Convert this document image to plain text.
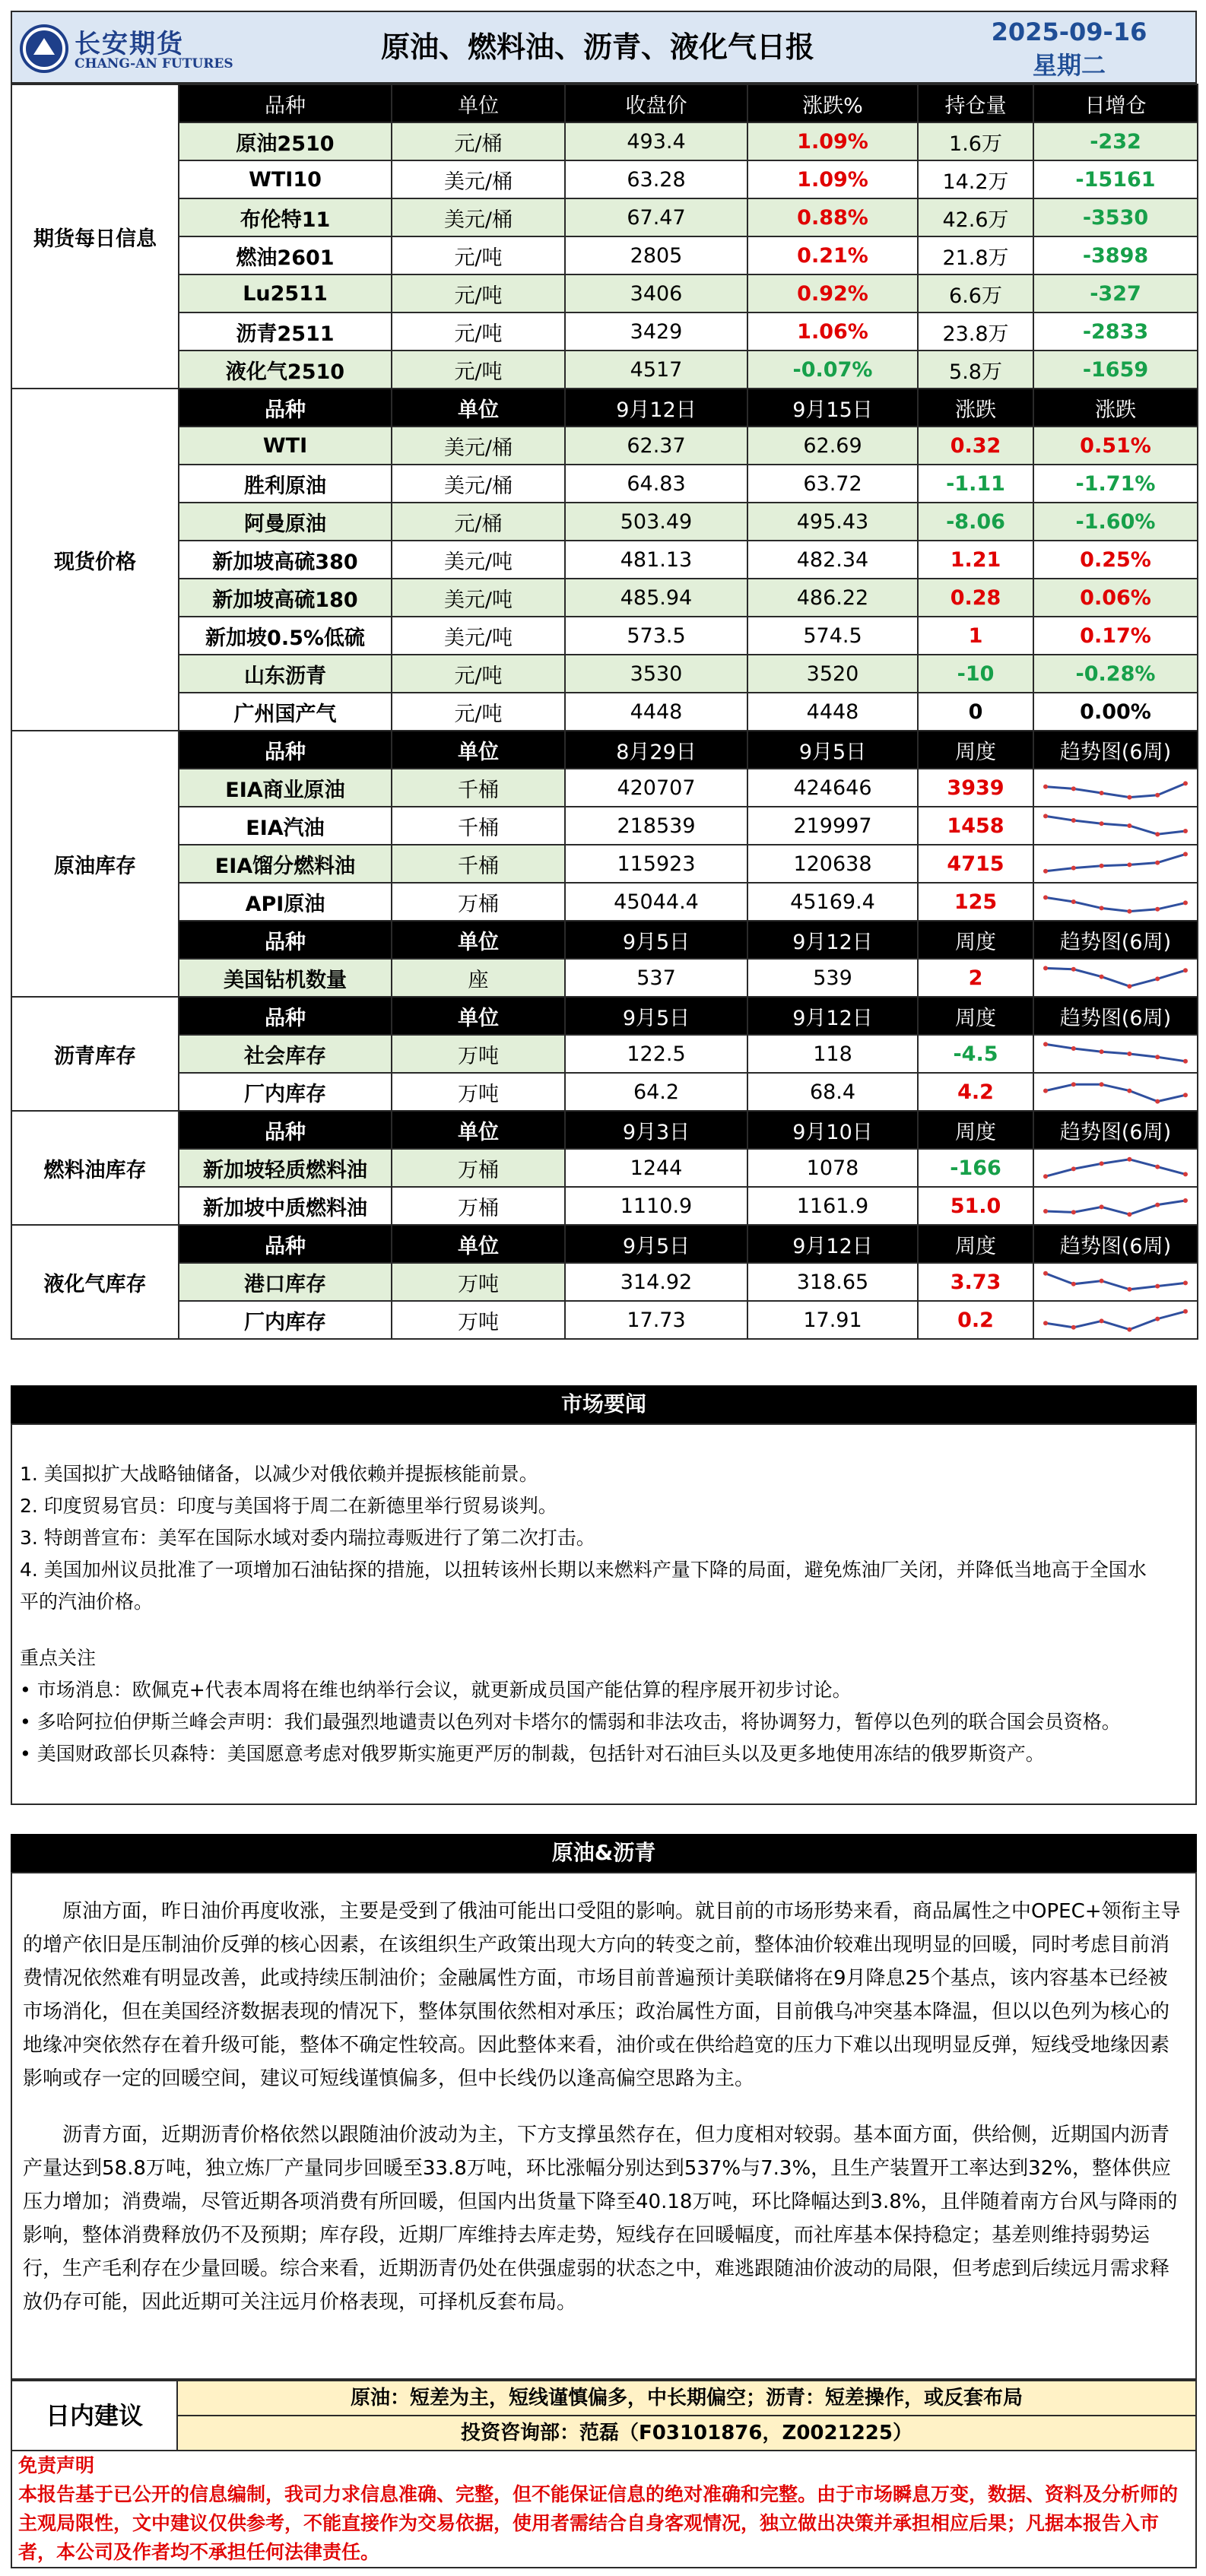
长安期货
CHANG-AN FUTURES	原油、燃料油、沥青、液化气日报	2025-09-16
星期二
期货每日信息	品种	单位	收盘价	涨跌%	持仓量	日增仓
	原油2510	元/桶	493.4	1.09%	1.6万	-232
	WTI10	美元/桶	63.28	1.09%	14.2万	-15161
	布伦特11	美元/桶	67.47	0.88%	42.6万	-3530
	燃油2601	元/吨	2805	0.21%	21.8万	-3898
	Lu2511	元/吨	3406	0.92%	6.6万	-327
	沥青2511	元/吨	3429	1.06%	23.8万	-2833
	液化气2510	元/吨	4517	-0.07%	5.8万	-1659
现货价格	品种	单位	9月12日	9月15日	涨跌	涨跌
	WTI	美元/桶	62.37	62.69	0.32	0.51%
	胜利原油	美元/桶	64.83	63.72	-1.11	-1.71%
	阿曼原油	元/桶	503.49	495.43	-8.06	-1.60%
	新加坡高硫380	美元/吨	481.13	482.34	1.21	0.25%
	新加坡高硫180	美元/吨	485.94	486.22	0.28	0.06%
	新加坡0.5%低硫	美元/吨	573.5	574.5	1	0.17%
	山东沥青	元/吨	3530	3520	-10	-0.28%
	广州国产气	元/吨	4448	4448	0	0.00%
原油库存	品种	单位	8月29日	9月5日	周度	趋势图(6周)
	EIA商业原油	千桶	420707	424646	3939	

	EIA汽油	千桶	218539	219997	1458	

	EIA馏分燃料油	千桶	115923	120638	4715	

	API原油	万桶	45044.4	45169.4	125	

	品种	单位	9月5日	9月12日	周度	趋势图(6周)
	美国钻机数量	座	537	539	2	

沥青库存	品种	单位	9月5日	9月12日	周度	趋势图(6周)
	社会库存	万吨	122.5	118	-4.5	

	厂内库存	万吨	64.2	68.4	4.2	

燃料油库存	品种	单位	9月3日	9月10日	周度	趋势图(6周)
	新加坡轻质燃料油	万桶	1244	1078	-166	

	新加坡中质燃料油	万桶	1110.9	1161.9	51.0	

液化气库存	品种	单位	9月5日	9月12日	周度	趋势图(6周)
	港口库存	万吨	314.92	318.65	3.73	

	厂内库存	万吨	17.73	17.91	0.2	
市场要闻

1. 美国拟扩大战略铀储备，以减少对俄依赖并提振核能前景。

2. 印度贸易官员：印度与美国将于周二在新德里举行贸易谈判。

3. 特朗普宣布：美军在国际水域对委内瑞拉毒贩进行了第二次打击。

4. 美国加州议员批准了一项增加石油钻探的措施，以扭转该州长期以来燃料产量下降的局面，避免炼油厂关闭，并降低当地高于全国水

平的汽油价格。

重点关注

• 市场消息：欧佩克+代表本周将在维也纳举行会议，就更新成员国产能估算的程序展开初步讨论。

• 多哈阿拉伯伊斯兰峰会声明：我们最强烈地谴责以色列对卡塔尔的懦弱和非法攻击，将协调努力，暂停以色列的联合国会员资格。

• 美国财政部长贝森特：美国愿意考虑对俄罗斯实施更严厉的制裁，包括针对石油巨头以及更多地使用冻结的俄罗斯资产。

原油&沥青

原油方面，昨日油价再度收涨，主要是受到了俄油可能出口受阻的影响。就目前的市场形势来看，商品属性之中OPEC+领衔主导的增产依旧是压制油价反弹的核心因素，在该组织生产政策出现大方向的转变之前，整体油价较难出现明显的回暖，同时考虑目前消费情况依然难有明显改善，此或持续压制油价；金融属性方面，市场目前普遍预计美联储将在9月降息25个基点，该内容基本已经被市场消化，但在美国经济数据表现的情况下，整体氛围依然相对承压；政治属性方面，目前俄乌冲突基本降温，但以以色列为核心的地缘冲突依然存在着升级可能，整体不确定性较高。因此整体来看，油价或在供给趋宽的压力下难以出现明显反弹，短线受地缘因素影响或存一定的回暖空间，建议可短线谨慎偏多，但中长线仍以逢高偏空思路为主。

沥青方面，近期沥青价格依然以跟随油价波动为主，下方支撑虽然存在，但力度相对较弱。基本面方面，供给侧，近期国内沥青产量达到58.8万吨，独立炼厂产量同步回暖至33.8万吨，环比涨幅分别达到537%与7.3%，且生产装置开工率达到32%，整体供应压力增加；消费端，尽管近期各项消费有所回暖，但国内出货量下降至40.18万吨，环比降幅达到3.8%，且伴随着南方台风与降雨的影响，整体消费释放仍不及预期；库存段，近期厂库维持去库走势，短线存在回暖幅度，而社库基本保持稳定；基差则维持弱势运行，生产毛利存在少量回暖。综合来看，近期沥青仍处在供强虚弱的状态之中，难逃跟随油价波动的局限，但考虑到后续远月需求释放仍存可能，因此近期可关注远月价格表现，可择机反套布局。

日内建议
原油：短差为主，短线谨慎偏多，中长期偏空；沥青：短差操作，或反套布局
投资咨询部：范磊（F03101876，Z0021225）
免责声明
本报告基于已公开的信息编制，我司力求信息准确、完整，但不能保证信息的绝对准确和完整。由于市场瞬息万变，数据、资料及分析师的主观局限性，文中建议仅供参考，不能直接作为交易依据，使用者需结合自身客观情况，独立做出决策并承担相应后果；凡据本报告入市者，本公司及作者均不承担任何法律责任。
